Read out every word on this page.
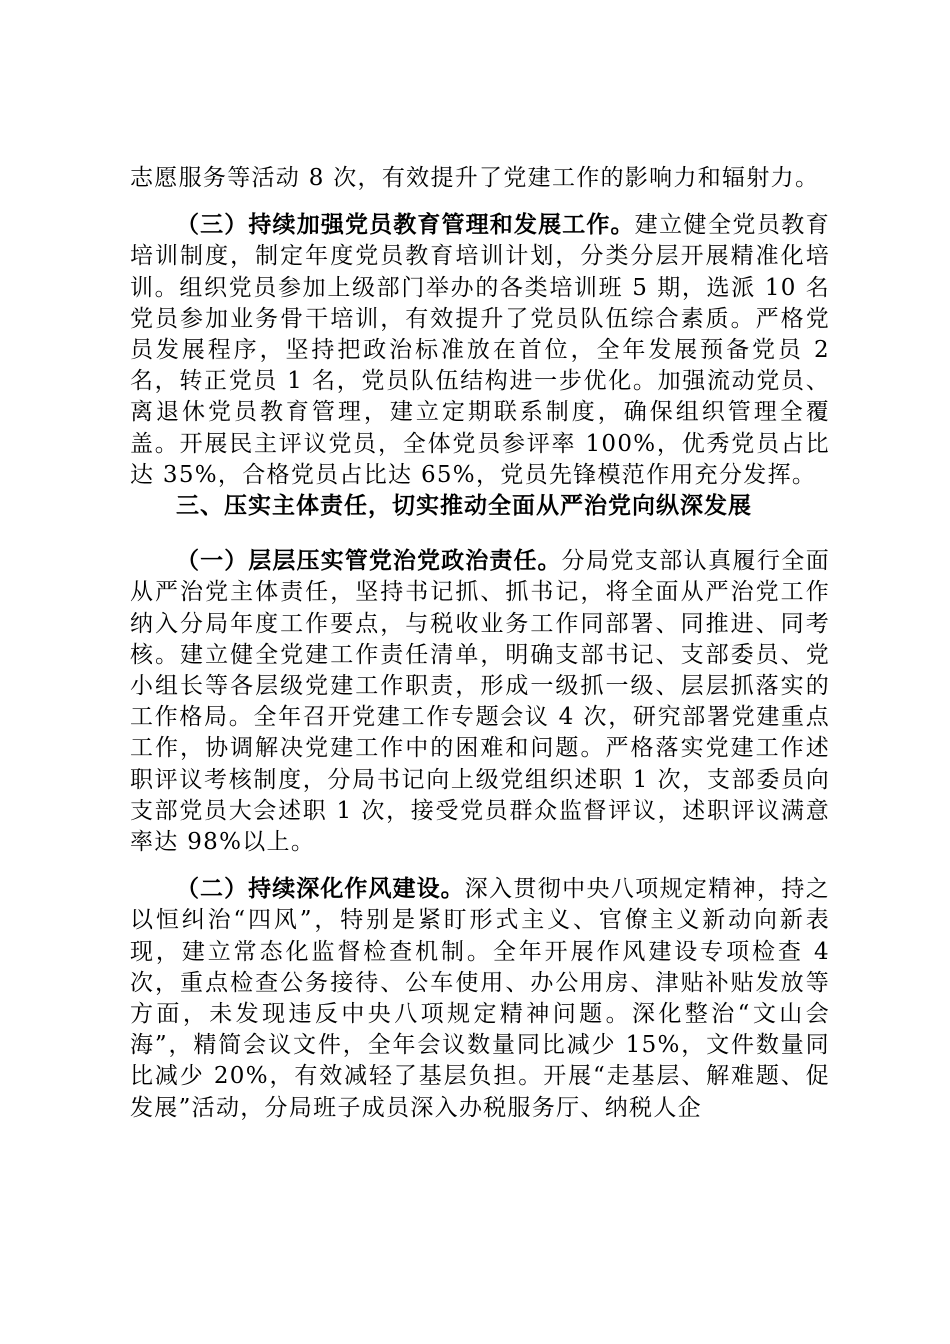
志愿服务等活动 8 次，有效提升了党建工作的影响力和辐射力。

（三）持续加强党员教育管理和发展工作。建立健全党员教育培训制度，制定年度党员教育培训计划，分类分层开展精准化培训。组织党员参加上级部门举办的各类培训班 5 期，选派 10 名党员参加业务骨干培训，有效提升了党员队伍综合素质。严格党员发展程序，坚持把政治标准放在首位，全年发展预备党员 2 名，转正党员 1 名，党员队伍结构进一步优化。加强流动党员、离退休党员教育管理，建立定期联系制度，确保组织管理全覆盖。开展民主评议党员，全体党员参评率 100%，优秀党员占比达 35%，合格党员占比达 65%，党员先锋模范作用充分发挥。

三、压实主体责任，切实推动全面从严治党向纵深发展

（一）层层压实管党治党政治责任。分局党支部认真履行全面从严治党主体责任，坚持书记抓、抓书记，将全面从严治党工作纳入分局年度工作要点，与税收业务工作同部署、同推进、同考核。建立健全党建工作责任清单，明确支部书记、支部委员、党小组长等各层级党建工作职责，形成一级抓一级、层层抓落实的工作格局。全年召开党建工作专题会议 4 次，研究部署党建重点工作，协调解决党建工作中的困难和问题。严格落实党建工作述职评议考核制度，分局书记向上级党组织述职 1 次，支部委员向支部党员大会述职 1 次，接受党员群众监督评议，述职评议满意率达 98%以上。

（二）持续深化作风建设。深入贯彻中央八项规定精神，持之以恒纠治“四风”，特别是紧盯形式主义、官僚主义新动向新表现，建立常态化监督检查机制。全年开展作风建设专项检查 4 次，重点检查公务接待、公车使用、办公用房、津贴补贴发放等方面，未发现违反中央八项规定精神问题。深化整治“文山会海”，精简会议文件，全年会议数量同比减少 15%，文件数量同比减少 20%，有效减轻了基层负担。开展“走基层、解难题、促发展”活动，分局班子成员深入办税服务厅、纳税人企
